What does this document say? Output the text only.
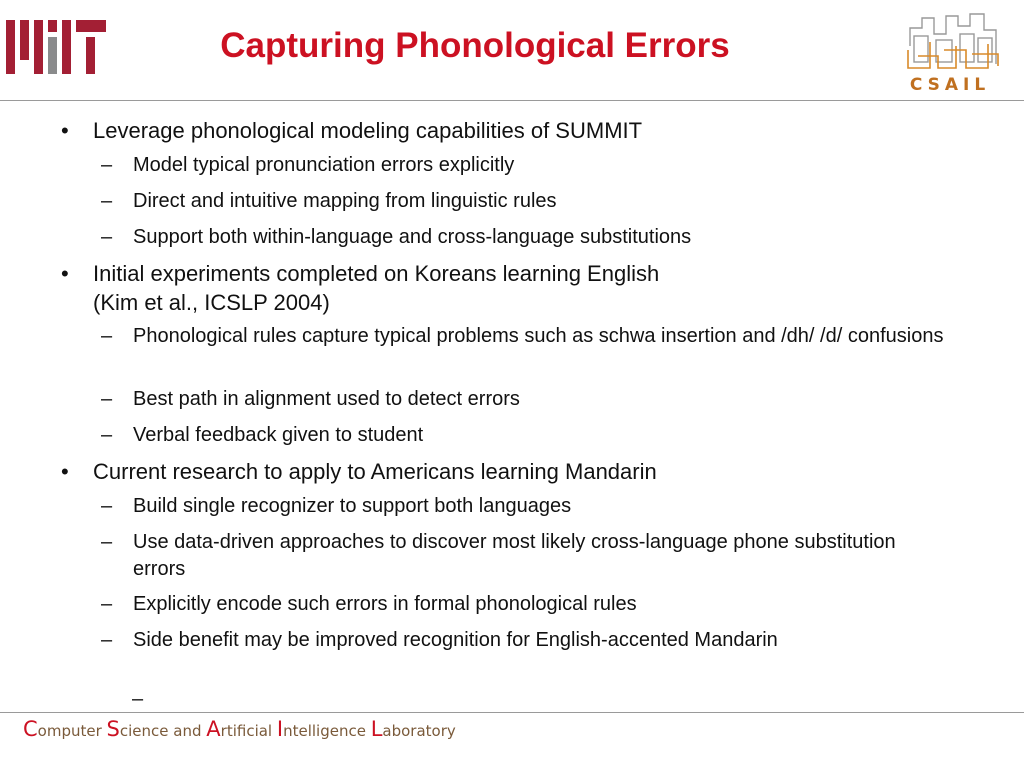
Capturing Phonological Errors
CSAIL
• Leverage phonological modeling capabilities of SUMMIT
– Model typical pronunciation errors explicitly
– Direct and intuitive mapping from linguistic rules
– Support both within-language and cross-language substitutions
• Initial experiments completed on Koreans learning English
(Kim et al., ICSLP 2004)
– Phonological rules capture typical problems such as schwa insertion and /dh/ /d/ confusions
– Best path in alignment used to detect errors
– Verbal feedback given to student
• Current research to apply to Americans learning Mandarin
– Build single recognizer to support both languages
– Use data-driven approaches to discover most likely cross-language phone substitution errors
– Explicitly encode such errors in formal phonological rules
– Side benefit may be improved recognition for English-accented Mandarin
–
Computer Science and Artificial Intelligence Laboratory
